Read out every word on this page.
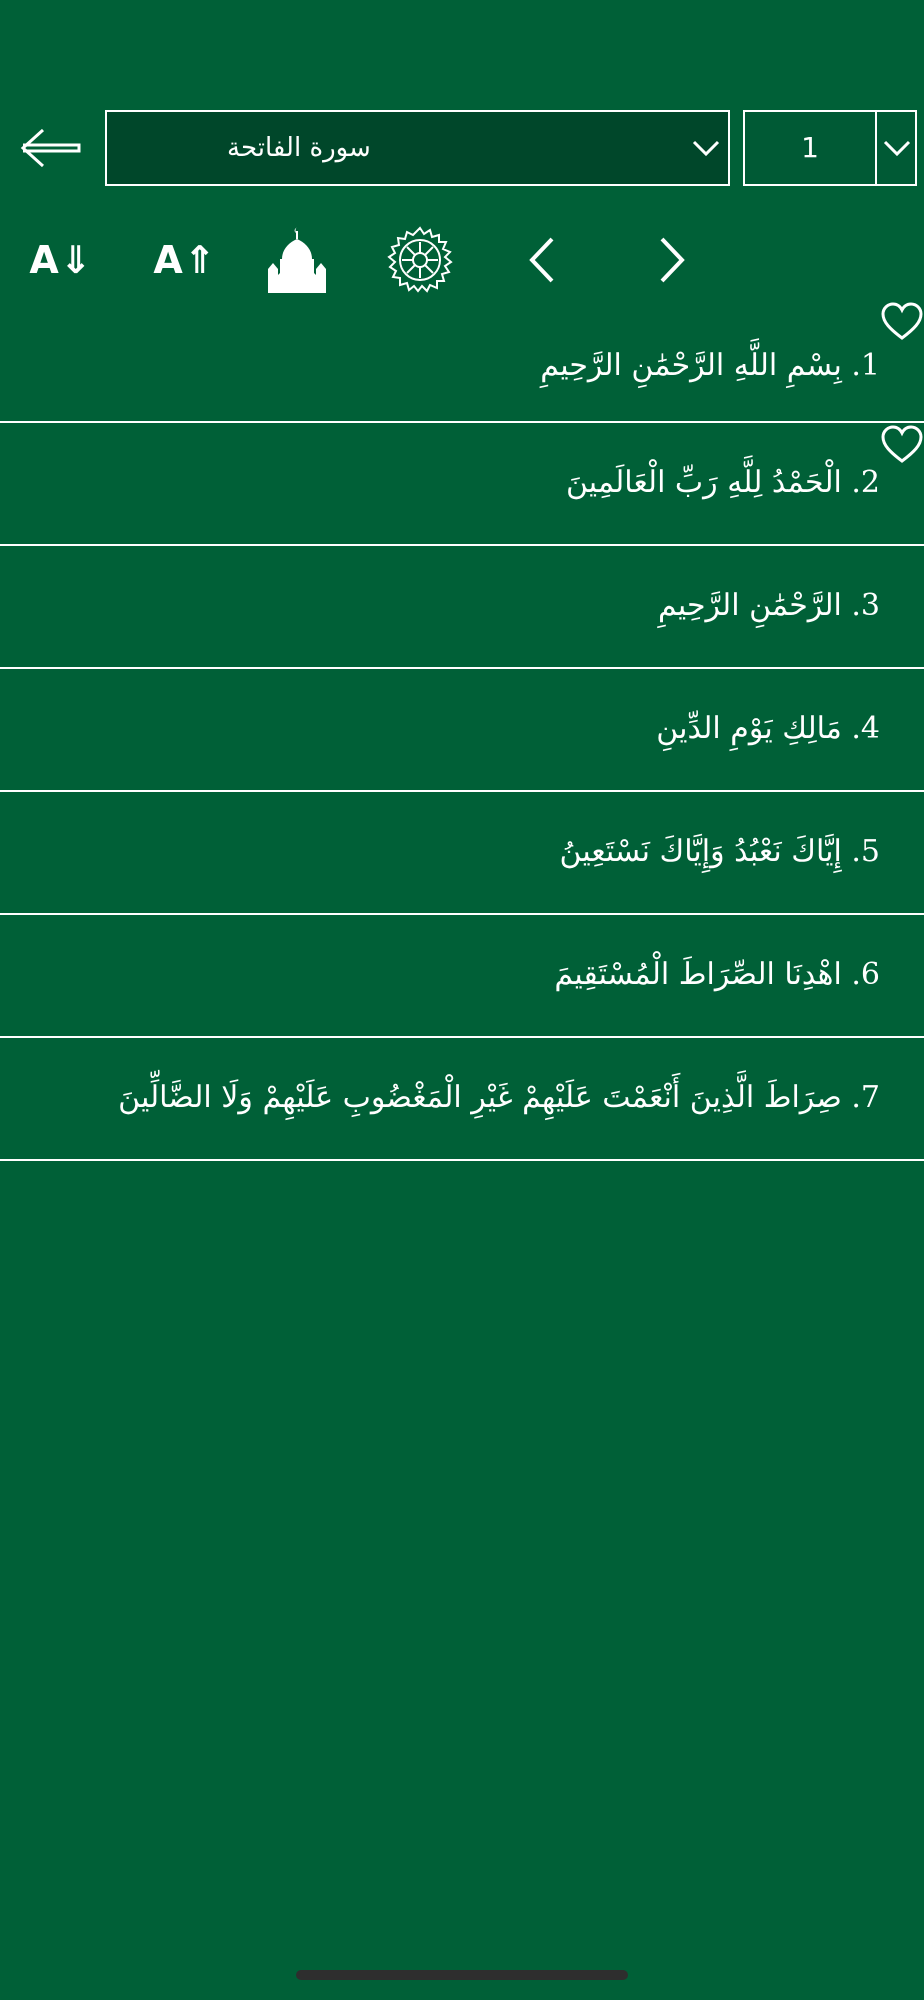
سورة الفاتحة	1
A⇓ A⇑
1. بِسْمِ اللَّهِ الرَّحْمَٰنِ الرَّحِيمِ
2. الْحَمْدُ لِلَّهِ رَبِّ الْعَالَمِينَ
3. الرَّحْمَٰنِ الرَّحِيمِ
4. مَالِكِ يَوْمِ الدِّينِ
5. إِيَّاكَ نَعْبُدُ وَإِيَّاكَ نَسْتَعِينُ
6. اهْدِنَا الصِّرَاطَ الْمُسْتَقِيمَ
7. صِرَاطَ الَّذِينَ أَنْعَمْتَ عَلَيْهِمْ غَيْرِ الْمَغْضُوبِ عَلَيْهِمْ وَلَا الضَّالِّينَ
